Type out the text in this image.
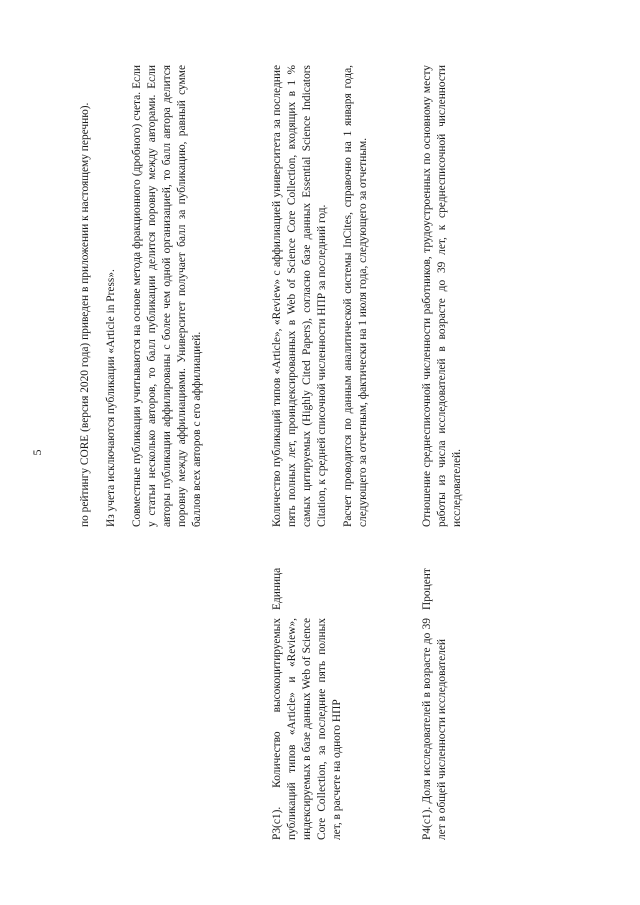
5	по рейтингу CORE (версия 2020 года) приведен в приложении к настоящему перечню). Из учета исключаются публикации «Article in Press». Совместные публикации учитываются на основе метода фракционного (дробного) счета. Если у статьи несколько авторов, то балл публикации делится поровну между авторами. Если авторы публикации аффилированы с более чем одной организацией, то балл автора делится поровну между аффилиациями. Университет получает балл за публикацию, равный сумме баллов всех авторов с его аффилиацией.

Р3(с1). Количество высокоцитируемых публикаций типов «Article» и «Review», индексируемых в базе данных Web of Science Core Collection, за последние пять полных лет, в расчете на одного НПР

Единица

Количество публикаций типов «Article», «Review» с аффилиацией университета за последние пять полных лет, проиндексированных в Web of Science Core Collection, входящих в 1 % самых цитируемых (Highly Cited Papers), согласно базе данных Essential Science Indicators Citation, к средней списочной численности НПР за последний год. Расчет проводится по данным аналитической системы InCites, справочно на 1 января года, следующего за отчетным, фактически на 1 июля года, следующего за отчетным.

Р4(с1). Доля исследователей в возрасте до 39 лет в общей численности исследователей

Процент

Отношение среднесписочной численности работников, трудоустроенных по основному месту работы из числа исследователей в возрасте до 39 лет, к среднесписочной численности исследователей.
